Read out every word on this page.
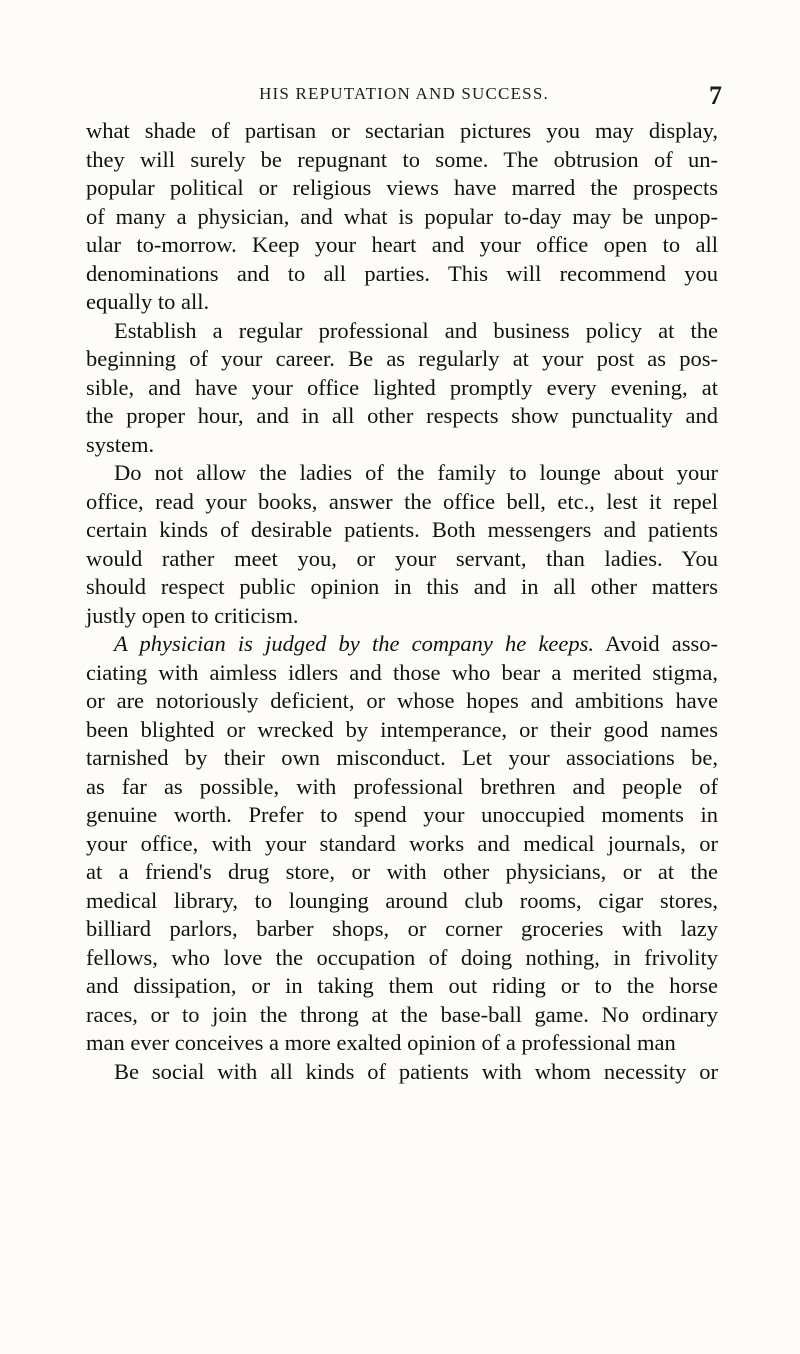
HIS REPUTATION AND SUCCESS.	7
what shade of partisan or sectarian pictures you may display,
they will surely be repugnant to some. The obtrusion of un-
popular political or religious views have marred the prospects
of many a physician, and what is popular to-day may be unpop-
ular to-morrow. Keep your heart and your office open to all
denominations and to all parties. This will recommend you
equally to all.
Establish a regular professional and business policy at the
beginning of your career. Be as regularly at your post as pos-
sible, and have your office lighted promptly every evening, at
the proper hour, and in all other respects show punctuality and
system.
Do not allow the ladies of the family to lounge about your
office, read your books, answer the office bell, etc., lest it repel
certain kinds of desirable patients. Both messengers and patients
would rather meet you, or your servant, than ladies. You
should respect public opinion in this and in all other matters
justly open to criticism.
A physician is judged by the company he keeps. Avoid asso-
ciating with aimless idlers and those who bear a merited stigma,
or are notoriously deficient, or whose hopes and ambitions have
been blighted or wrecked by intemperance, or their good names
tarnished by their own misconduct. Let your associations be,
as far as possible, with professional brethren and people of
genuine worth. Prefer to spend your unoccupied moments in
your office, with your standard works and medical journals, or
at a friend's drug store, or with other physicians, or at the
medical library, to lounging around club rooms, cigar stores,
billiard parlors, barber shops, or corner groceries with lazy
fellows, who love the occupation of doing nothing, in frivolity
and dissipation, or in taking them out riding or to the horse
races, or to join the throng at the base-ball game. No ordinary
man ever conceives a more exalted opinion of a professional man
Be social with all kinds of patients with whom necessity or
